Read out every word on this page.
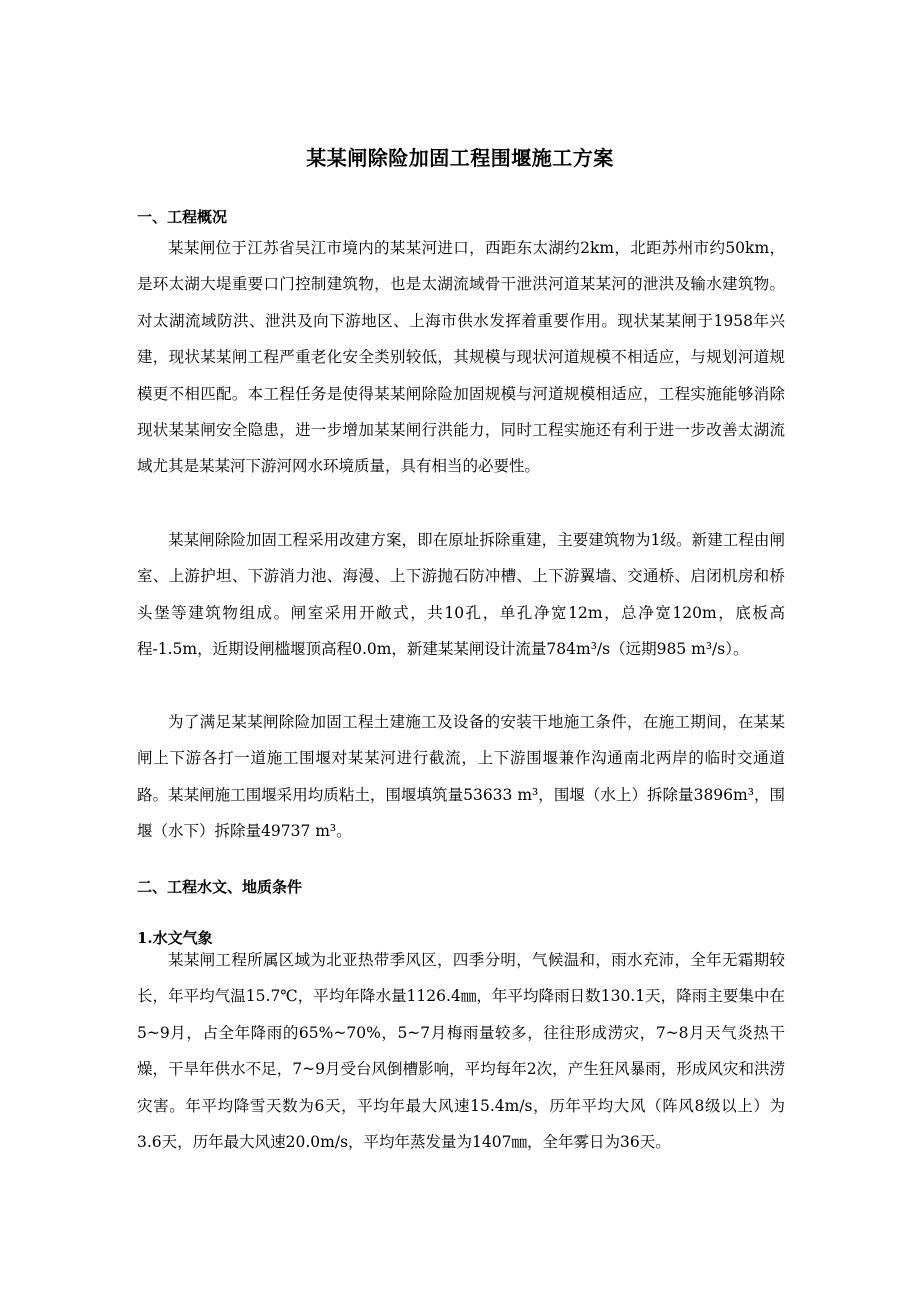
某某闸除险加固工程围堰施工方案
一、工程概况

某某闸位于江苏省吴江市境内的某某河进口，西距东太湖约2km，北距苏州市约50km，是环太湖大堤重要口门控制建筑物，也是太湖流域骨干泄洪河道某某河的泄洪及输水建筑物。对太湖流域防洪、泄洪及向下游地区、上海市供水发挥着重要作用。现状某某闸于1958年兴建，现状某某闸工程严重老化安全类别较低，其规模与现状河道规模不相适应，与规划河道规模更不相匹配。本工程任务是使得某某闸除险加固规模与河道规模相适应，工程实施能够消除现状某某闸安全隐患，进一步增加某某闸行洪能力，同时工程实施还有利于进一步改善太湖流域尤其是某某河下游河网水环境质量，具有相当的必要性。

某某闸除险加固工程采用改建方案，即在原址拆除重建，主要建筑物为1级。新建工程由闸室、上游护坦、下游消力池、海漫、上下游抛石防冲槽、上下游翼墙、交通桥、启闭机房和桥头堡等建筑物组成。闸室采用开敞式，共10孔，单孔净宽12m，总净宽120m，底板高程-1.5m，近期设闸槛堰顶高程0.0m，新建某某闸设计流量784m³/s（远期985 m³/s）。

为了满足某某闸除险加固工程土建施工及设备的安装干地施工条件，在施工期间，在某某闸上下游各打一道施工围堰对某某河进行截流，上下游围堰兼作沟通南北两岸的临时交通道路。某某闸施工围堰采用均质粘土，围堰填筑量53633 m³，围堰（水上）拆除量3896m³，围堰（水下）拆除量49737 m³。

二、工程水文、地质条件
1.水文气象

某某闸工程所属区域为北亚热带季风区，四季分明，气候温和，雨水充沛，全年无霜期较长，年平均气温15.7℃，平均年降水量1126.4㎜，年平均降雨日数130.1天，降雨主要集中在5~9月，占全年降雨的65%~70%，5~7月梅雨量较多，往往形成涝灾，7~8月天气炎热干燥，干旱年供水不足，7~9月受台风倒槽影响，平均每年2次，产生狂风暴雨，形成风灾和洪涝灾害。年平均降雪天数为6天，平均年最大风速15.4m/s，历年平均大风（阵风8级以上）为3.6天，历年最大风速20.0m/s，平均年蒸发量为1407㎜，全年雾日为36天。
